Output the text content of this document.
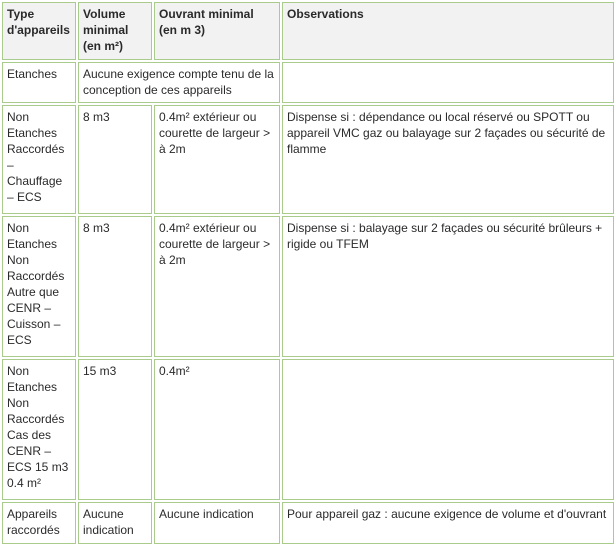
Type d'appareils	Volume minimal (en m²)	Ouvrant minimal (en m 3)	Observations
Etanches	Aucune exigence compte tenu de la conception de ces appareils		
Non Etanches Raccordés – Chauffage – ECS	8 m3	0.4m² extérieur ou courette de largeur > à 2m	Dispense si : dépendance ou local réservé ou SPOTT ou appareil VMC gaz ou balayage sur 2 façades ou sécurité de flamme
Non Etanches Non Raccordés Autre que CENR – Cuisson – ECS	8 m3	0.4m² extérieur ou courette de largeur > à 2m	Dispense si : balayage sur 2 façades ou sécurité brûleurs + rigide ou TFEM
Non Etanches Non Raccordés Cas des CENR – ECS 15 m3 0.4 m²	15 m3	0.4m²	
Appareils raccordés	Aucune indication	Aucune indication	Pour appareil gaz : aucune exigence de volume et d'ouvrant
